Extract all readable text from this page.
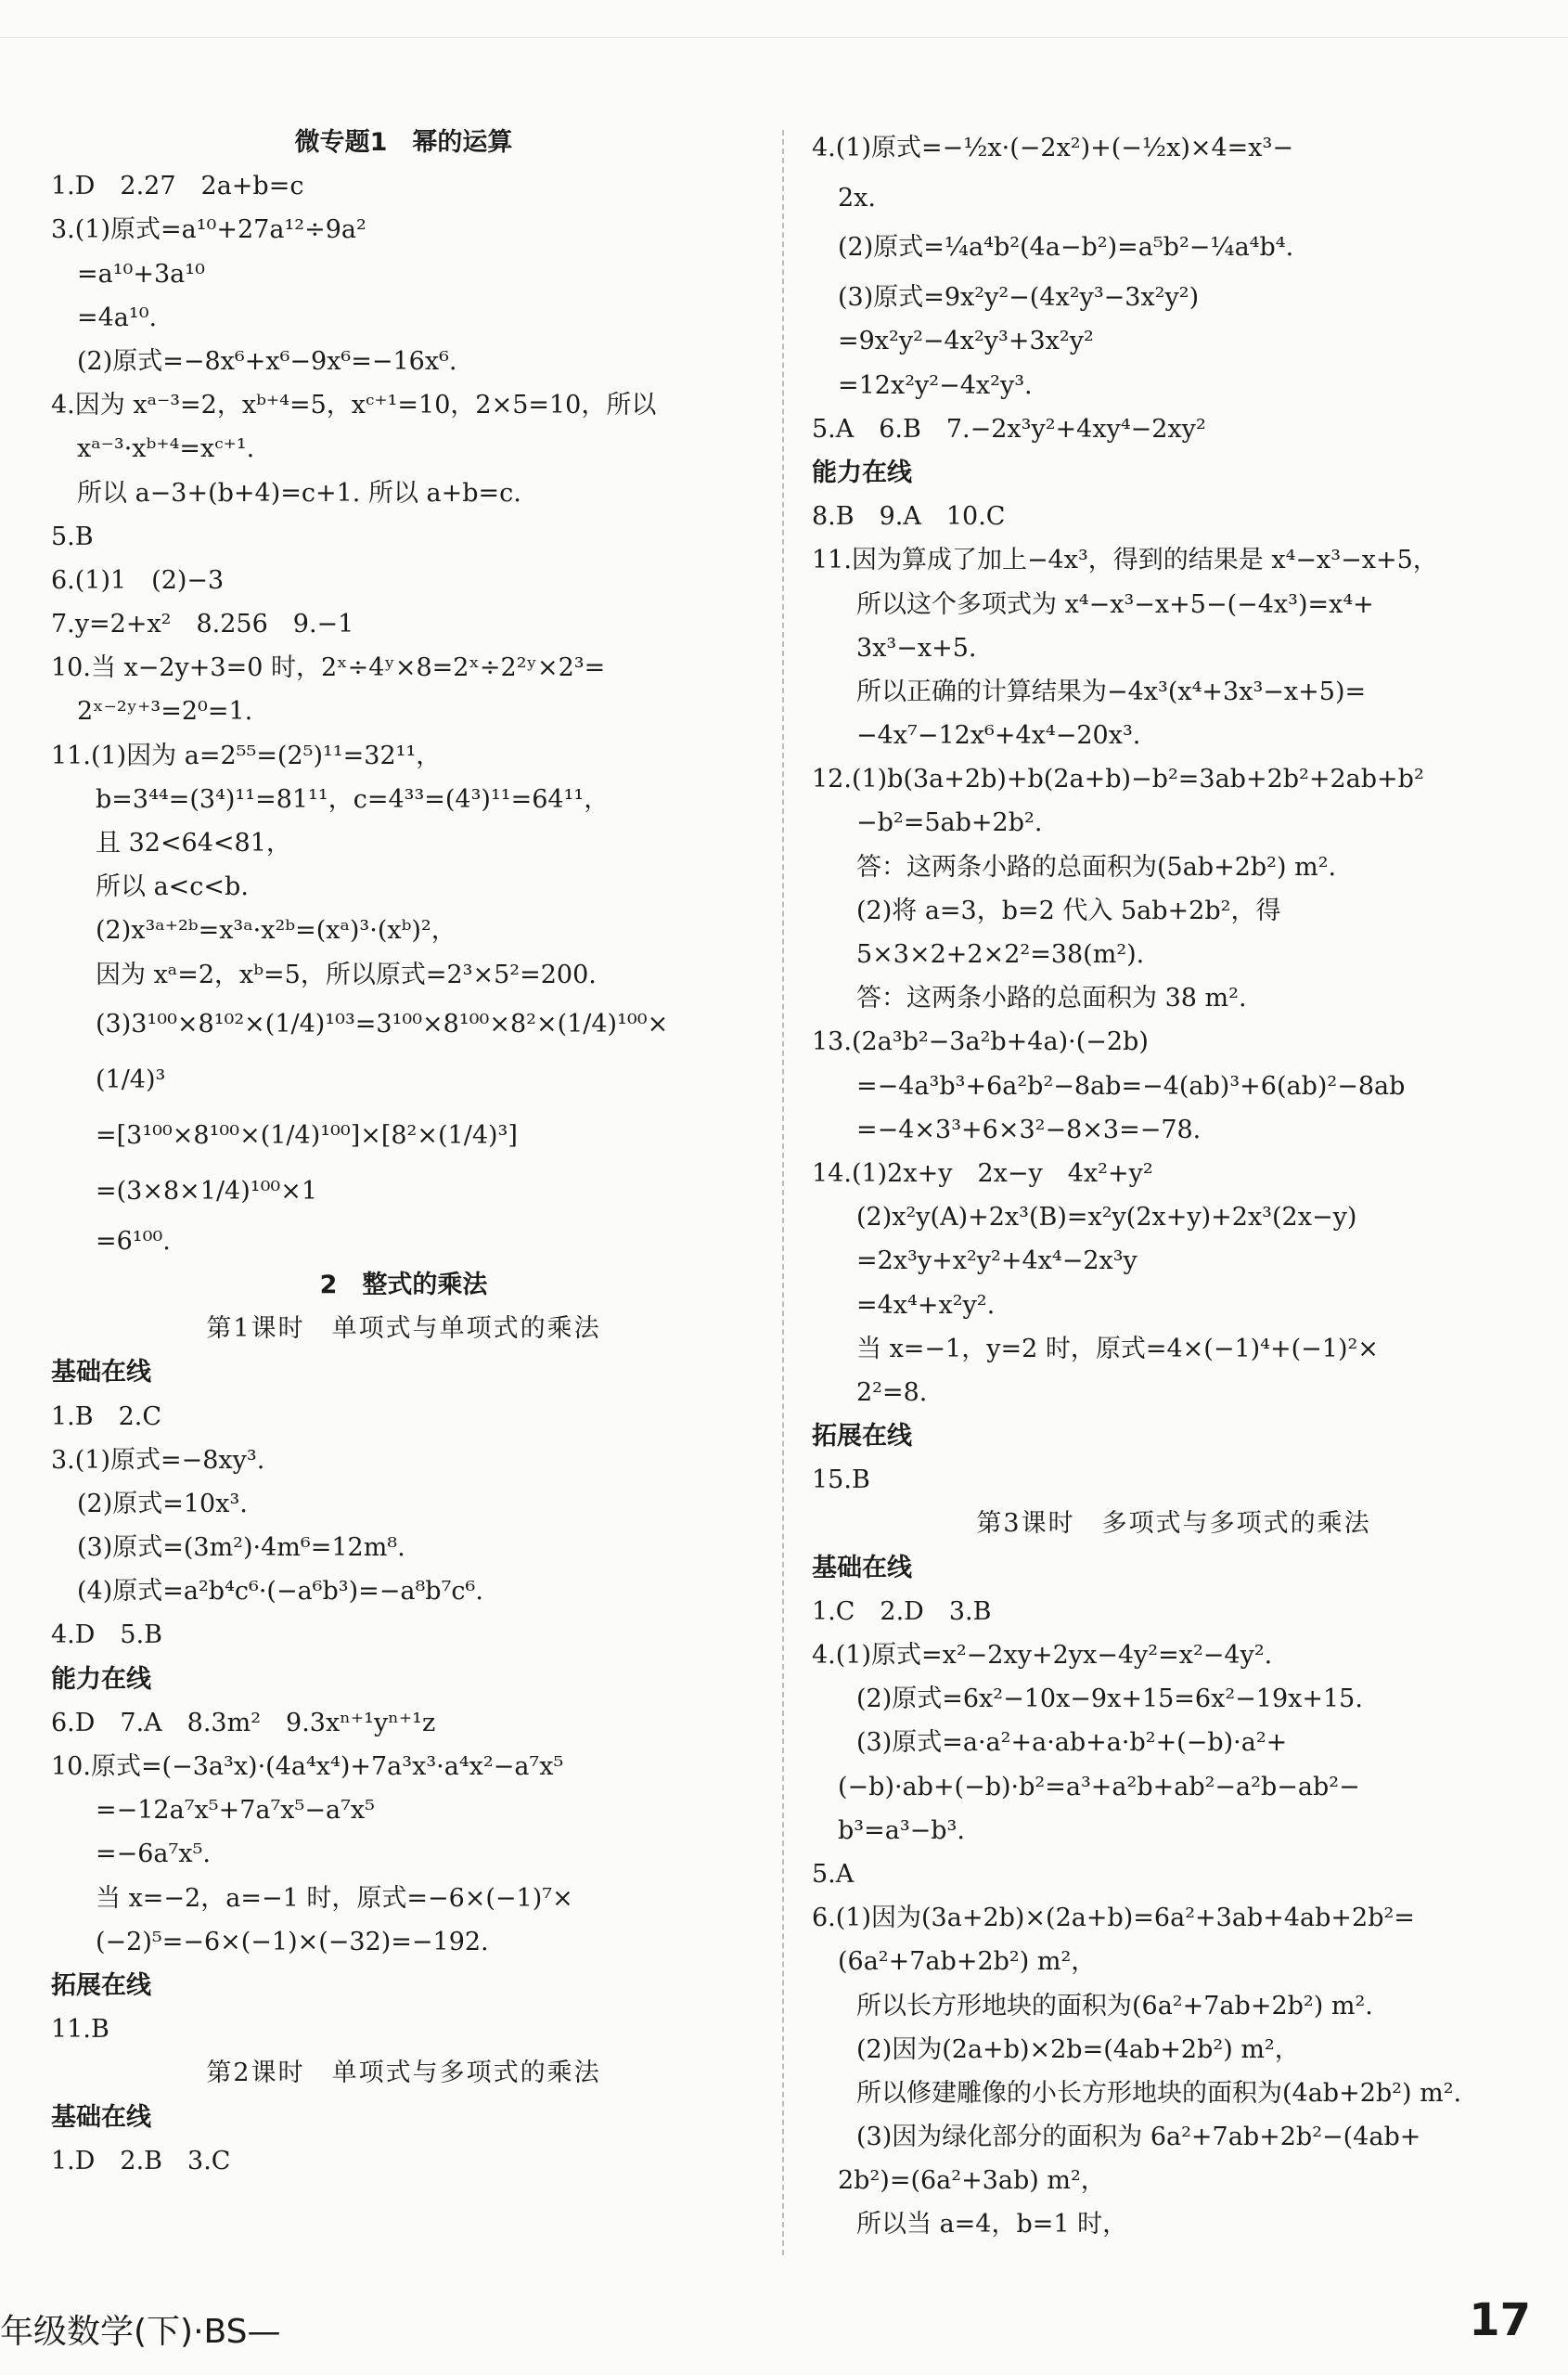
微专题1　幂的运算
1.D　2.27　2a+b=c
3.(1)原式=a¹⁰+27a¹²÷9a²
=a¹⁰+3a¹⁰
=4a¹⁰.
(2)原式=−8x⁶+x⁶−9x⁶=−16x⁶.
4.因为 xᵃ⁻³=2，xᵇ⁺⁴=5，xᶜ⁺¹=10，2×5=10，所以
xᵃ⁻³·xᵇ⁺⁴=xᶜ⁺¹.
所以 a−3+(b+4)=c+1. 所以 a+b=c.
5.B
6.(1)1　(2)−3
7.y=2+x²　8.256　9.−1
10.当 x−2y+3=0 时，2ˣ÷4ʸ×8=2ˣ÷2²ʸ×2³=
2ˣ⁻²ʸ⁺³=2⁰=1.
11.(1)因为 a=2⁵⁵=(2⁵)¹¹=32¹¹，
b=3⁴⁴=(3⁴)¹¹=81¹¹，c=4³³=(4³)¹¹=64¹¹，
且 32<64<81，
所以 a<c<b.
(2)x³ᵃ⁺²ᵇ=x³ᵃ·x²ᵇ=(xᵃ)³·(xᵇ)²，
因为 xᵃ=2，xᵇ=5，所以原式=2³×5²=200.
(3)3¹⁰⁰×8¹⁰²×(1/4)¹⁰³=3¹⁰⁰×8¹⁰⁰×8²×(1/4)¹⁰⁰×
(1/4)³
=[3¹⁰⁰×8¹⁰⁰×(1/4)¹⁰⁰]×[8²×(1/4)³]
=(3×8×1/4)¹⁰⁰×1
=6¹⁰⁰.
2　整式的乘法
第1课时　单项式与单项式的乘法
基础在线
1.B　2.C
3.(1)原式=−8xy³.
(2)原式=10x³.
(3)原式=(3m²)·4m⁶=12m⁸.
(4)原式=a²b⁴c⁶·(−a⁶b³)=−a⁸b⁷c⁶.
4.D　5.B
能力在线
6.D　7.A　8.3m²　9.3xⁿ⁺¹yⁿ⁺¹z
10.原式=(−3a³x)·(4a⁴x⁴)+7a³x³·a⁴x²−a⁷x⁵
=−12a⁷x⁵+7a⁷x⁵−a⁷x⁵
=−6a⁷x⁵.
当 x=−2，a=−1 时，原式=−6×(−1)⁷×
(−2)⁵=−6×(−1)×(−32)=−192.
拓展在线
11.B
第2课时　单项式与多项式的乘法
基础在线
1.D　2.B　3.C
4.(1)原式=−½x·(−2x²)+(−½x)×4=x³−
2x.
(2)原式=¼a⁴b²(4a−b²)=a⁵b²−¼a⁴b⁴.
(3)原式=9x²y²−(4x²y³−3x²y²)
=9x²y²−4x²y³+3x²y²
=12x²y²−4x²y³.
5.A　6.B　7.−2x³y²+4xy⁴−2xy²
能力在线
8.B　9.A　10.C
11.因为算成了加上−4x³，得到的结果是 x⁴−x³−x+5，
所以这个多项式为 x⁴−x³−x+5−(−4x³)=x⁴+
3x³−x+5.
所以正确的计算结果为−4x³(x⁴+3x³−x+5)=
−4x⁷−12x⁶+4x⁴−20x³.
12.(1)b(3a+2b)+b(2a+b)−b²=3ab+2b²+2ab+b²
−b²=5ab+2b².
答：这两条小路的总面积为(5ab+2b²) m².
(2)将 a=3，b=2 代入 5ab+2b²，得
5×3×2+2×2²=38(m²).
答：这两条小路的总面积为 38 m².
13.(2a³b²−3a²b+4a)·(−2b)
=−4a³b³+6a²b²−8ab=−4(ab)³+6(ab)²−8ab
=−4×3³+6×3²−8×3=−78.
14.(1)2x+y　2x−y　4x²+y²
(2)x²y(A)+2x³(B)=x²y(2x+y)+2x³(2x−y)
=2x³y+x²y²+4x⁴−2x³y
=4x⁴+x²y².
当 x=−1，y=2 时，原式=4×(−1)⁴+(−1)²×
2²=8.
拓展在线
15.B
第3课时　多项式与多项式的乘法
基础在线
1.C　2.D　3.B
4.(1)原式=x²−2xy+2yx−4y²=x²−4y².
(2)原式=6x²−10x−9x+15=6x²−19x+15.
(3)原式=a·a²+a·ab+a·b²+(−b)·a²+
(−b)·ab+(−b)·b²=a³+a²b+ab²−a²b−ab²−
b³=a³−b³.
5.A
6.(1)因为(3a+2b)×(2a+b)=6a²+3ab+4ab+2b²=
(6a²+7ab+2b²) m²，
所以长方形地块的面积为(6a²+7ab+2b²) m².
(2)因为(2a+b)×2b=(4ab+2b²) m²，
所以修建雕像的小长方形地块的面积为(4ab+2b²) m².
(3)因为绿化部分的面积为 6a²+7ab+2b²−(4ab+
2b²)=(6a²+3ab) m²，
所以当 a=4，b=1 时，
年级数学(下)·BS—	17
